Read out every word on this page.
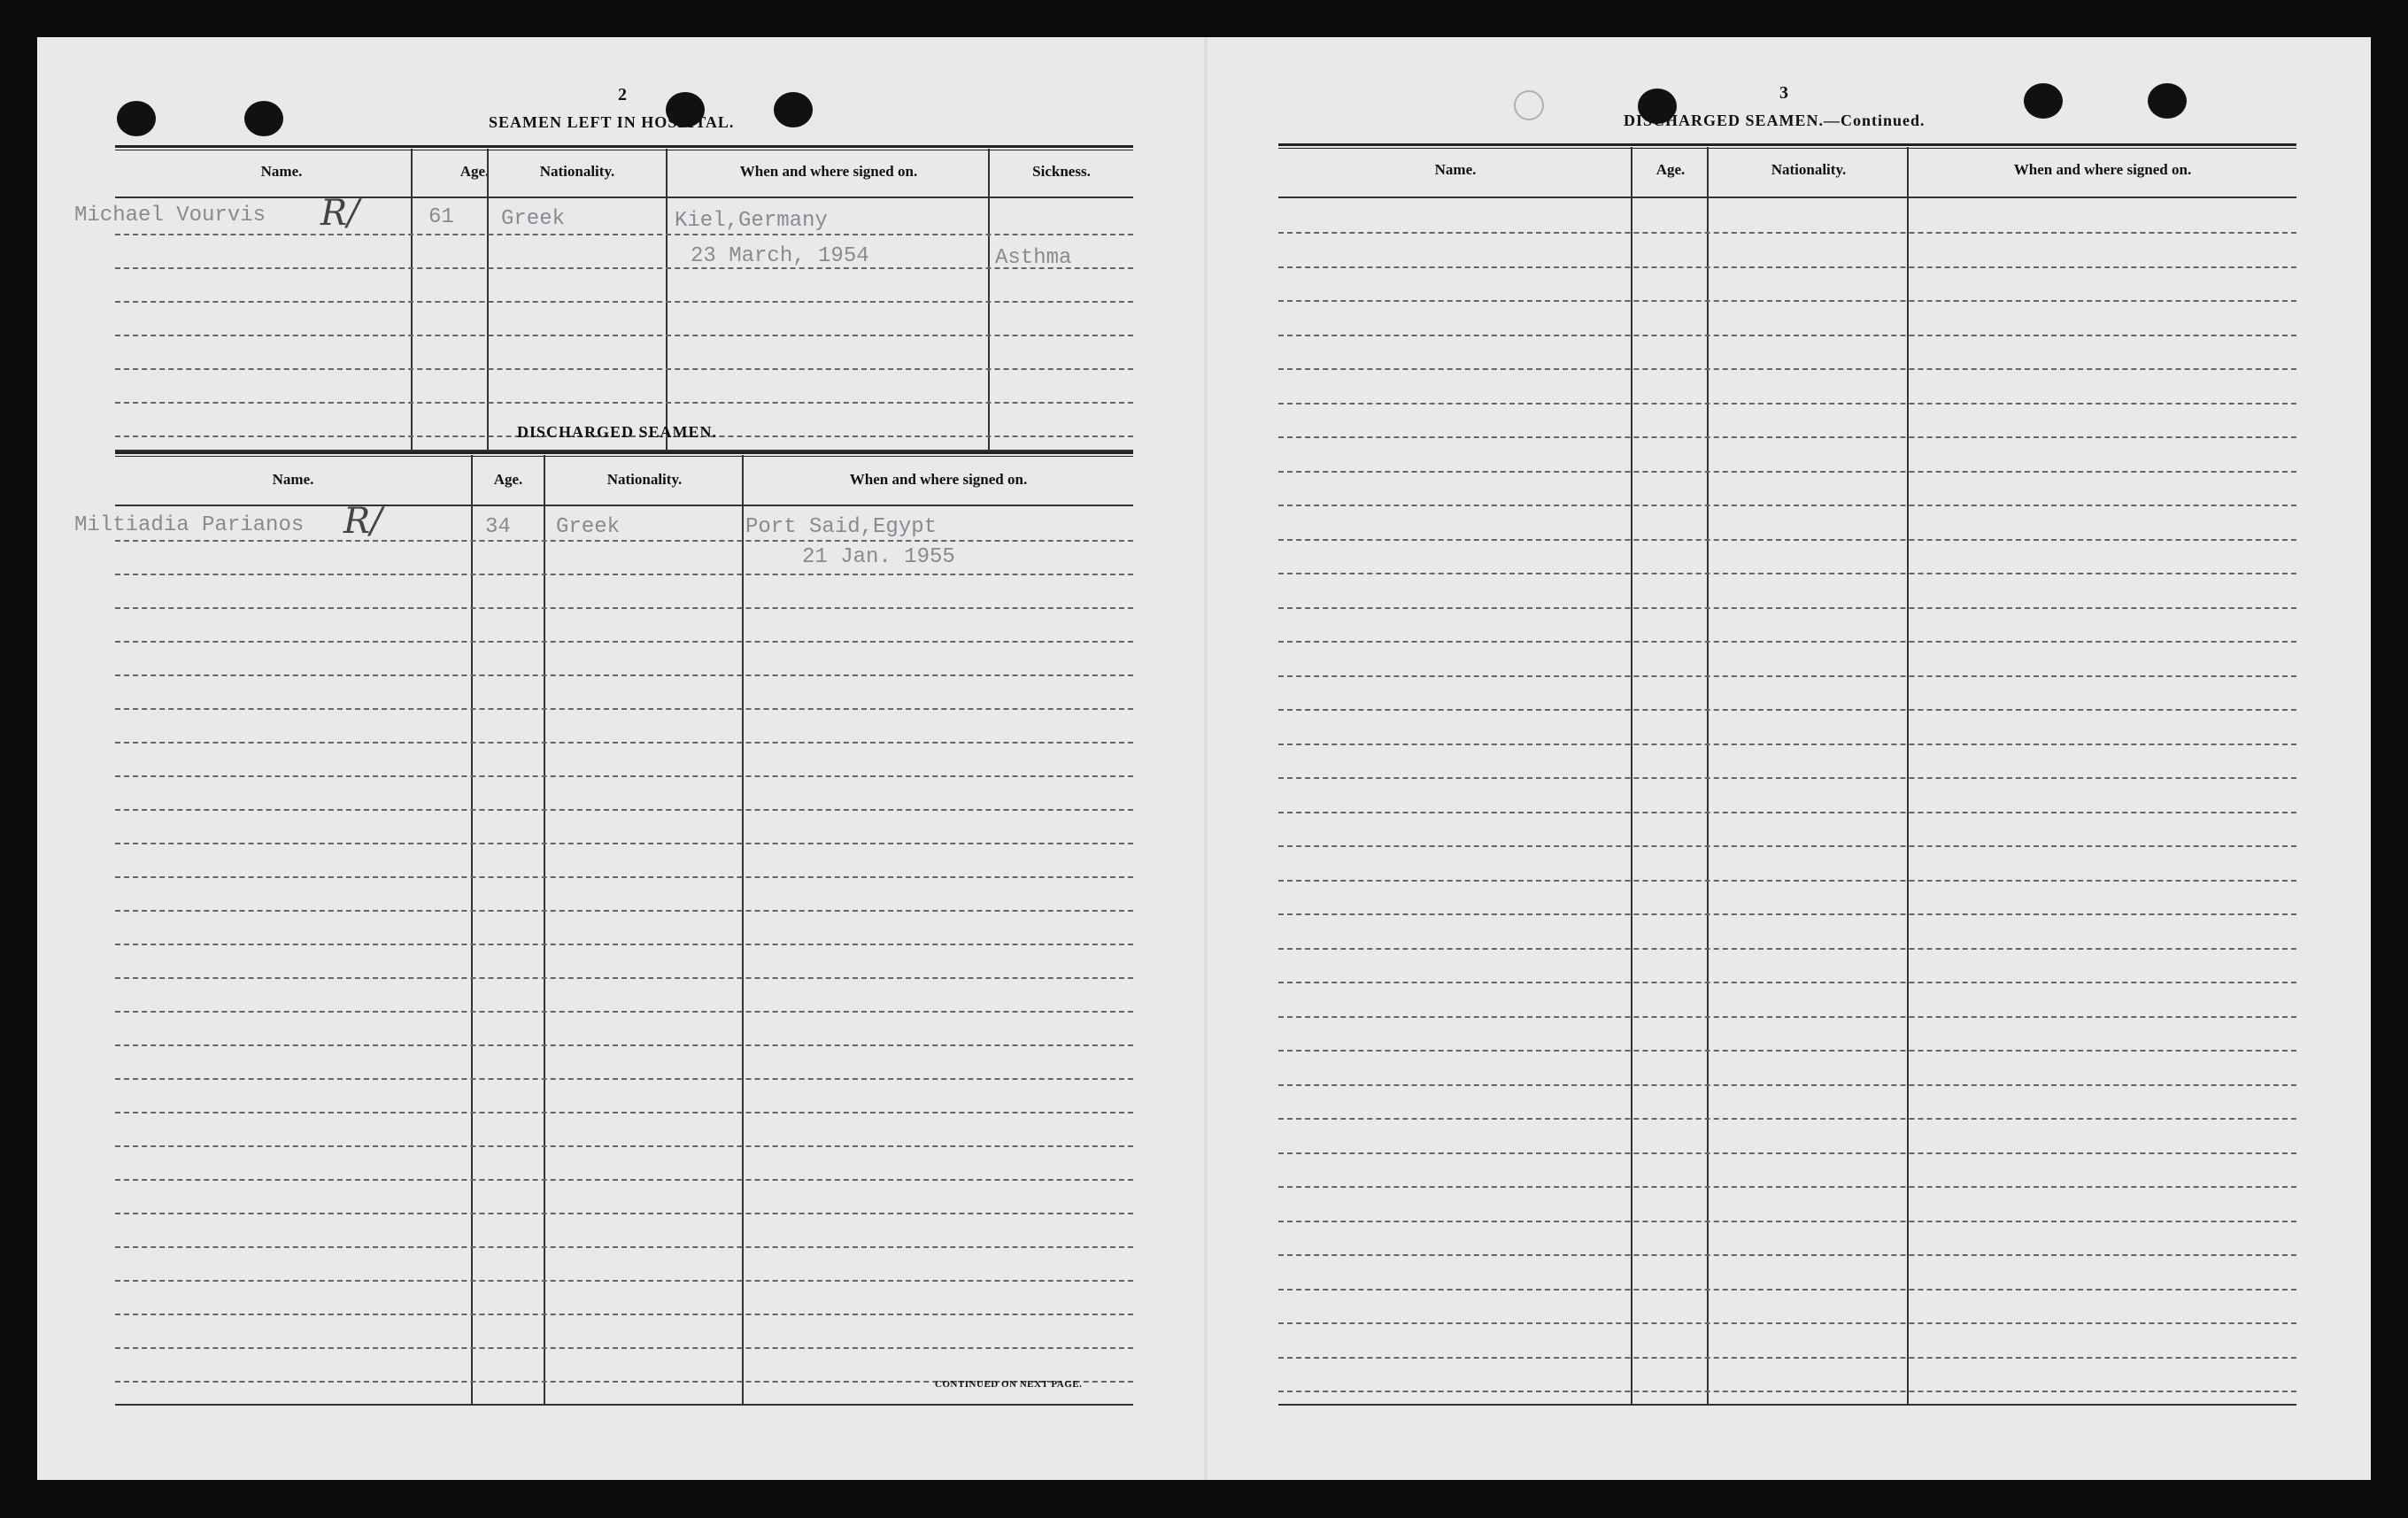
2
SEAMEN LEFT IN HOSPITAL.
Name.	Age.	Nationality.	When and where signed on.	Sickness.
Michael Vourvis R/	61 Greek	Kiel,Germany
23 March, 1954	Asthma
DISCHARGED SEAMEN.
Name.	Age.	Nationality.	When and where signed on.
Miltiadia Parianos R/	34 Greek	Port Said,Egypt
21 Jan. 1955
CONTINUED ON NEXT PAGE.
3
DISCHARGED SEAMEN.—Continued.
Name.	Age.	Nationality.	When and where signed on.
